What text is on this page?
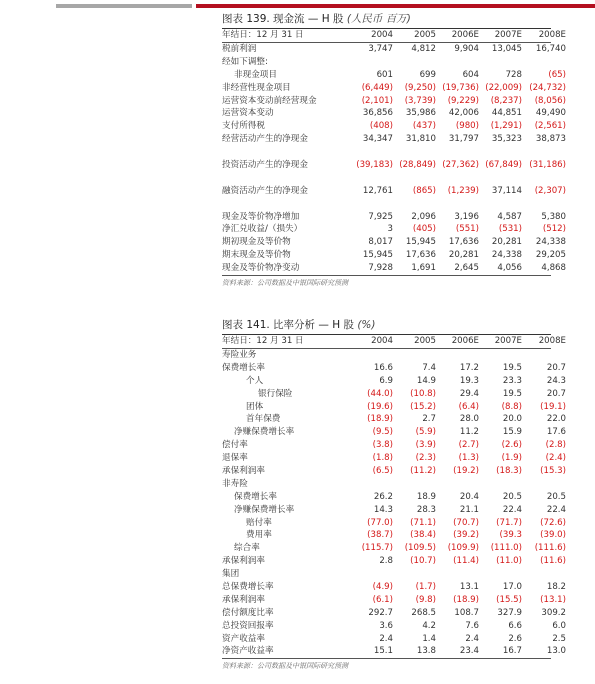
图表 139. 现金流 — H 股 (人民币 百万)
年结日：12 月 31 日	2004	2005	2006E	2007E	2008E
税前利润	3,747	4,812	9,904	13,045	16,740
经如下调整:
非现金项目	601	699	604	728	(65)
非经营性现金项目	(6,449)	(9,250) (19,736) (22,009) (24,732)
运营资本变动前经营现金	(2,101)	(3,739)	(9,229)	(8,237)	(8,056)
运营资本变动	36,856	35,986	42,006	44,851	49,490
支付所得税	(408)	(437)	(980)	(1,291)	(2,561)
经营活动产生的净现金	34,347	31,810	31,797	35,323	38,873
投资活动产生的净现金	(39,183) (28,849) (27,362) (67,849) (31,186)
融资活动产生的净现金	12,761	(865)	(1,239)	37,114	(2,307)
现金及等价物净增加	7,925	2,096	3,196	4,587	5,380
净汇兑收益/（损失）	3	(405)	(551)	(531)	(512)
期初现金及等价物	8,017	15,945	17,636	20,281	24,338
期末现金及等价物	15,945	17,636	20,281	24,338	29,205
现金及等价物净变动	7,928	1,691	2,645	4,056	4,868
资料来源：公司数据及中银国际研究预测
图表 141. 比率分析 — H 股 (%)
年结日：12 月 31 日	2004	2005	2006E	2007E	2008E
寿险业务
保费增长率	16.6	7.4	17.2	19.5	20.7
个人	6.9	14.9	19.3	23.3	24.3
银行保险	(44.0)	(10.8)	29.4	19.5	20.7
团体	(19.6)	(15.2)	(6.4)	(8.8)	(19.1)
首年保费	(18.9)	2.7	28.0	20.0	22.0
净赚保费增长率	(9.5)	(5.9)	11.2	15.9	17.6
偿付率	(3.8)	(3.9)	(2.7)	(2.6)	(2.8)
退保率	(1.8)	(2.3)	(1.3)	(1.9)	(2.4)
承保利润率	(6.5)	(11.2)	(19.2)	(18.3)	(15.3)
非寿险
保费增长率	26.2	18.9	20.4	20.5	20.5
净赚保费增长率	14.3	28.3	21.1	22.4	22.4
赔付率	(77.0)	(71.1)	(70.7)	(71.7)	(72.6)
费用率	(38.7)	(38.4)	(39.2)	(39.3	(39.0)
综合率	(115.7)	(109.5)	(109.9)	(111.0)	(111.6)
承保利润率	2.8	(10.7)	(11.4)	(11.0)	(11.6)
集团
总保费增长率	(4.9)	(1.7)	13.1	17.0	18.2
承保利润率	(6.1)	(9.8)	(18.9)	(15.5)	(13.1)
偿付额度比率	292.7	268.5	108.7	327.9	309.2
总投资回报率	3.6	4.2	7.6	6.6	6.0
资产收益率	2.4	1.4	2.4	2.6	2.5
净资产收益率	15.1	13.8	23.4	16.7	13.0
资料来源：公司数据及中银国际研究预测
